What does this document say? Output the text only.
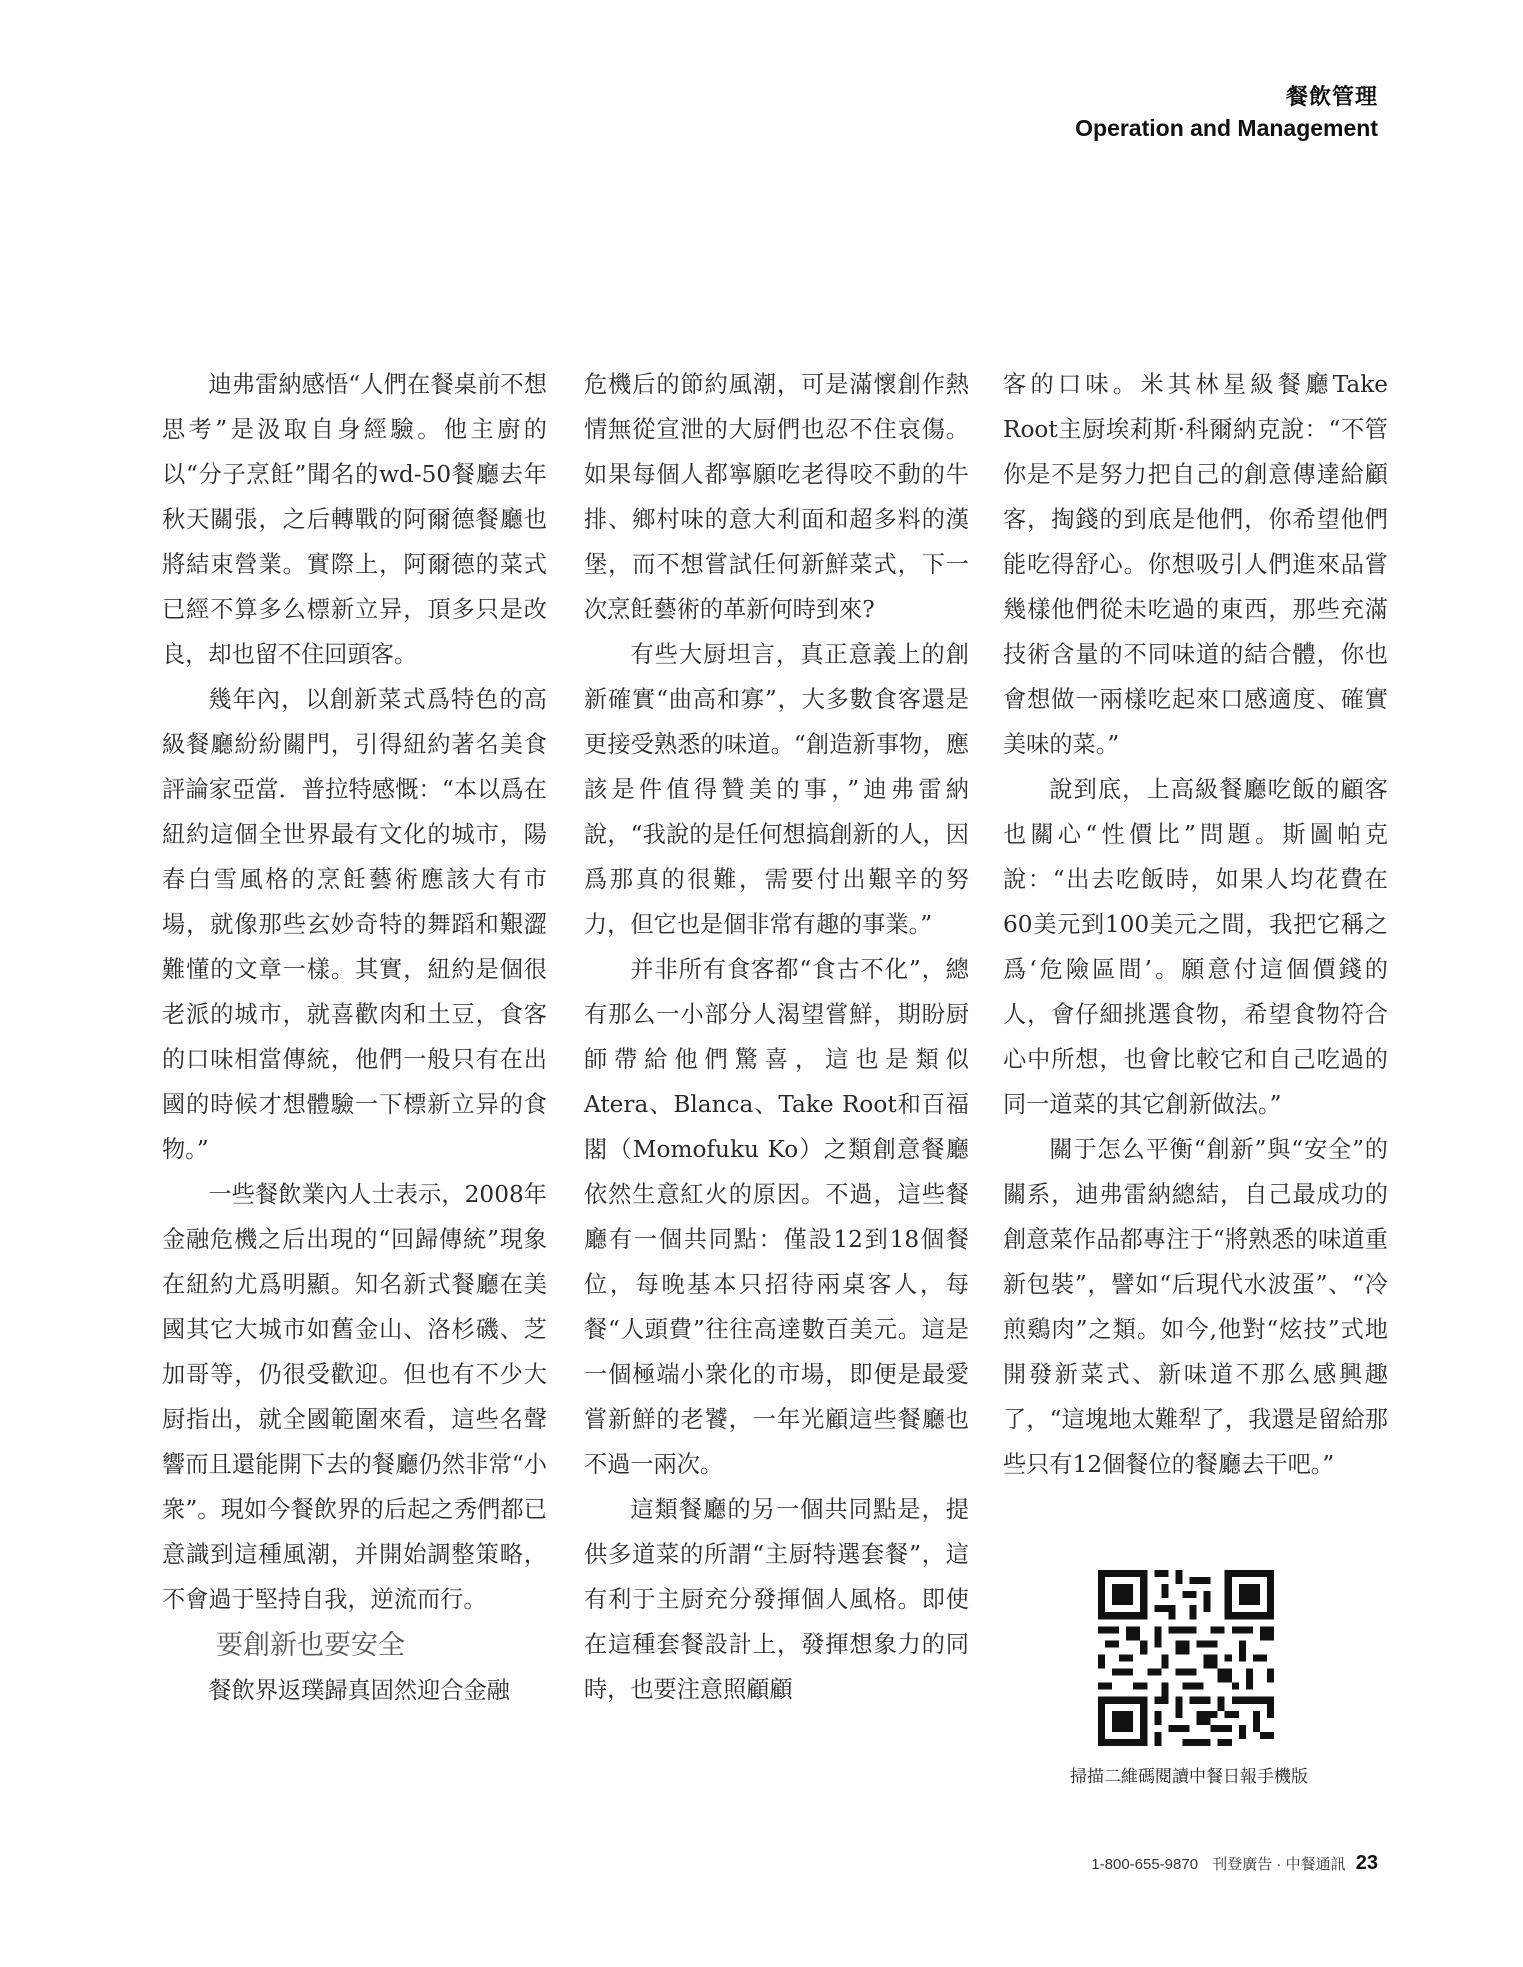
餐飲管理
Operation and Management

迪弗雷納感悟“人們在餐桌前不想思考”是汲取自身經驗。他主廚的以“分子烹飪”聞名的wd-50餐廳去年秋天關張，之后轉戰的阿爾德餐廳也將結束營業。實際上，阿爾德的菜式已經不算多么標新立异，頂多只是改良，却也留不住回頭客。

幾年內，以創新菜式爲特色的高級餐廳紛紛關門，引得紐約著名美食評論家亞當．普拉特感慨：“本以爲在紐約這個全世界最有文化的城市，陽春白雪風格的烹飪藝術應該大有市場，就像那些玄妙奇特的舞蹈和艱澀難懂的文章一樣。其實，紐約是個很老派的城市，就喜歡肉和土豆，食客的口味相當傳統，他們一般只有在出國的時候才想體驗一下標新立异的食物。”

一些餐飲業內人士表示，2008年金融危機之后出現的“回歸傳統”現象在紐約尤爲明顯。知名新式餐廳在美國其它大城市如舊金山、洛杉磯、芝加哥等，仍很受歡迎。但也有不少大厨指出，就全國範圍來看，這些名聲響而且還能開下去的餐廳仍然非常“小衆”。現如今餐飲界的后起之秀們都已意識到這種風潮，并開始調整策略，不會過于堅持自我，逆流而行。

要創新也要安全

餐飲界返璞歸真固然迎合金融

危機后的節約風潮，可是滿懷創作熱情無從宣泄的大厨們也忍不住哀傷。如果每個人都寧願吃老得咬不動的牛排、鄉村味的意大利面和超多料的漢堡，而不想嘗試任何新鮮菜式，下一次烹飪藝術的革新何時到來?

有些大厨坦言，真正意義上的創新確實“曲高和寡”，大多數食客還是更接受熟悉的味道。“創造新事物，應該是件值得贊美的事，”迪弗雷納說，“我說的是任何想搞創新的人，因爲那真的很難，需要付出艱辛的努力，但它也是個非常有趣的事業。”

并非所有食客都“食古不化”，總有那么一小部分人渴望嘗鮮，期盼厨師帶給他們驚喜，這也是類似Atera、Blanca、Take Root和百福閣（Momofuku Ko）之類創意餐廳依然生意紅火的原因。不過，這些餐廳有一個共同點：僅設12到18個餐位，每晚基本只招待兩桌客人，每餐“人頭費”往往高達數百美元。這是一個極端小衆化的市場，即便是最愛嘗新鮮的老饕，一年光顧這些餐廳也不過一兩次。

這類餐廳的另一個共同點是，提供多道菜的所謂“主厨特選套餐”，這有利于主厨充分發揮個人風格。即使在這種套餐設計上，發揮想象力的同時，也要注意照顧顧

客的口味。米其林星級餐廳Take Root主厨埃莉斯·科爾納克說：“不管你是不是努力把自己的創意傳達給顧客，掏錢的到底是他們，你希望他們能吃得舒心。你想吸引人們進來品嘗幾樣他們從未吃過的東西，那些充滿技術含量的不同味道的結合體，你也會想做一兩樣吃起來口感適度、確實美味的菜。”

說到底，上高級餐廳吃飯的顧客也關心“性價比”問題。斯圖帕克說：“出去吃飯時，如果人均花費在60美元到100美元之間，我把它稱之爲‘危險區間’。願意付這個價錢的人，會仔細挑選食物，希望食物符合心中所想，也會比較它和自己吃過的同一道菜的其它創新做法。”

關于怎么平衡“創新”與“安全”的關系，迪弗雷納總結，自己最成功的創意菜作品都專注于“將熟悉的味道重新包裝”，譬如“后現代水波蛋”、“冷煎鷄肉”之類。如今,他對“炫技”式地開發新菜式、新味道不那么感興趣了，“這塊地太難犁了，我還是留給那些只有12個餐位的餐廳去干吧。”

掃描二維碼閱讀中餐日報手機版
1-800-655-9870 刊登廣告 · 中餐通訊 23
